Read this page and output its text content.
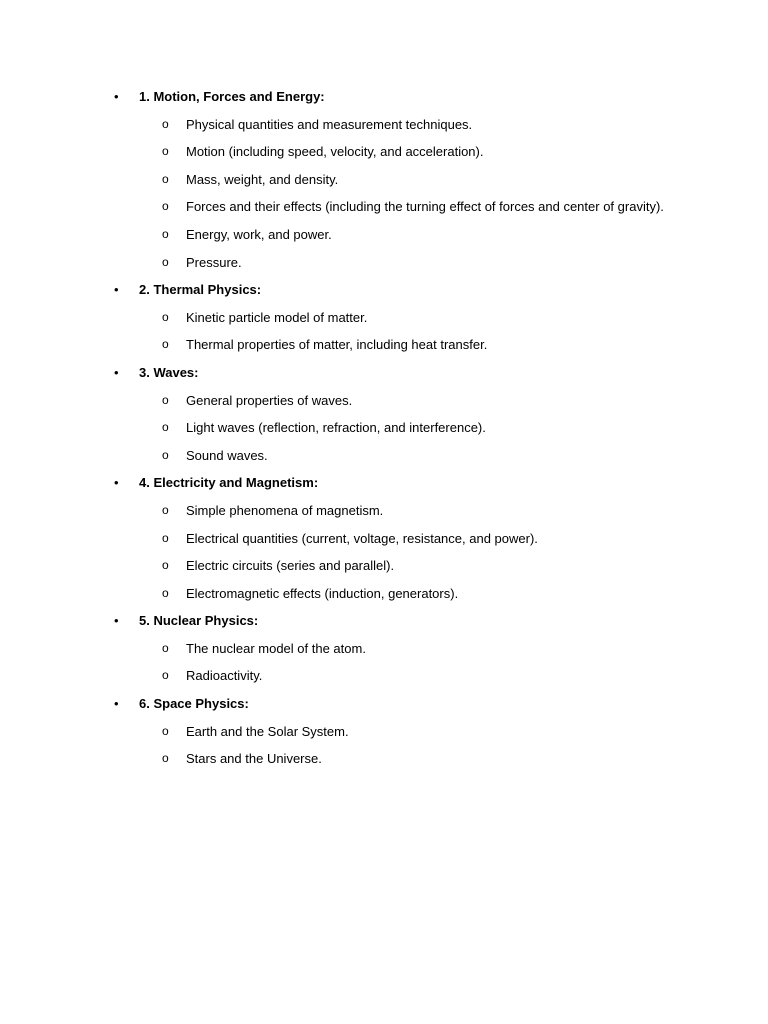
•	1. Motion, Forces and Energy:
o Physical quantities and measurement techniques.
o Motion (including speed, velocity, and acceleration).
o Mass, weight, and density.
o Forces and their effects (including the turning effect of forces and center of gravity).
o Energy, work, and power.
o Pressure.
•	2. Thermal Physics:
o Kinetic particle model of matter.
o Thermal properties of matter, including heat transfer.
•	3. Waves:
o General properties of waves.
o Light waves (reflection, refraction, and interference).
o Sound waves.
•	4. Electricity and Magnetism:
o Simple phenomena of magnetism.
o Electrical quantities (current, voltage, resistance, and power).
o Electric circuits (series and parallel).
o Electromagnetic effects (induction, generators).
•	5. Nuclear Physics:
o The nuclear model of the atom.
o Radioactivity.
•	6. Space Physics:
o Earth and the Solar System.
o Stars and the Universe.
